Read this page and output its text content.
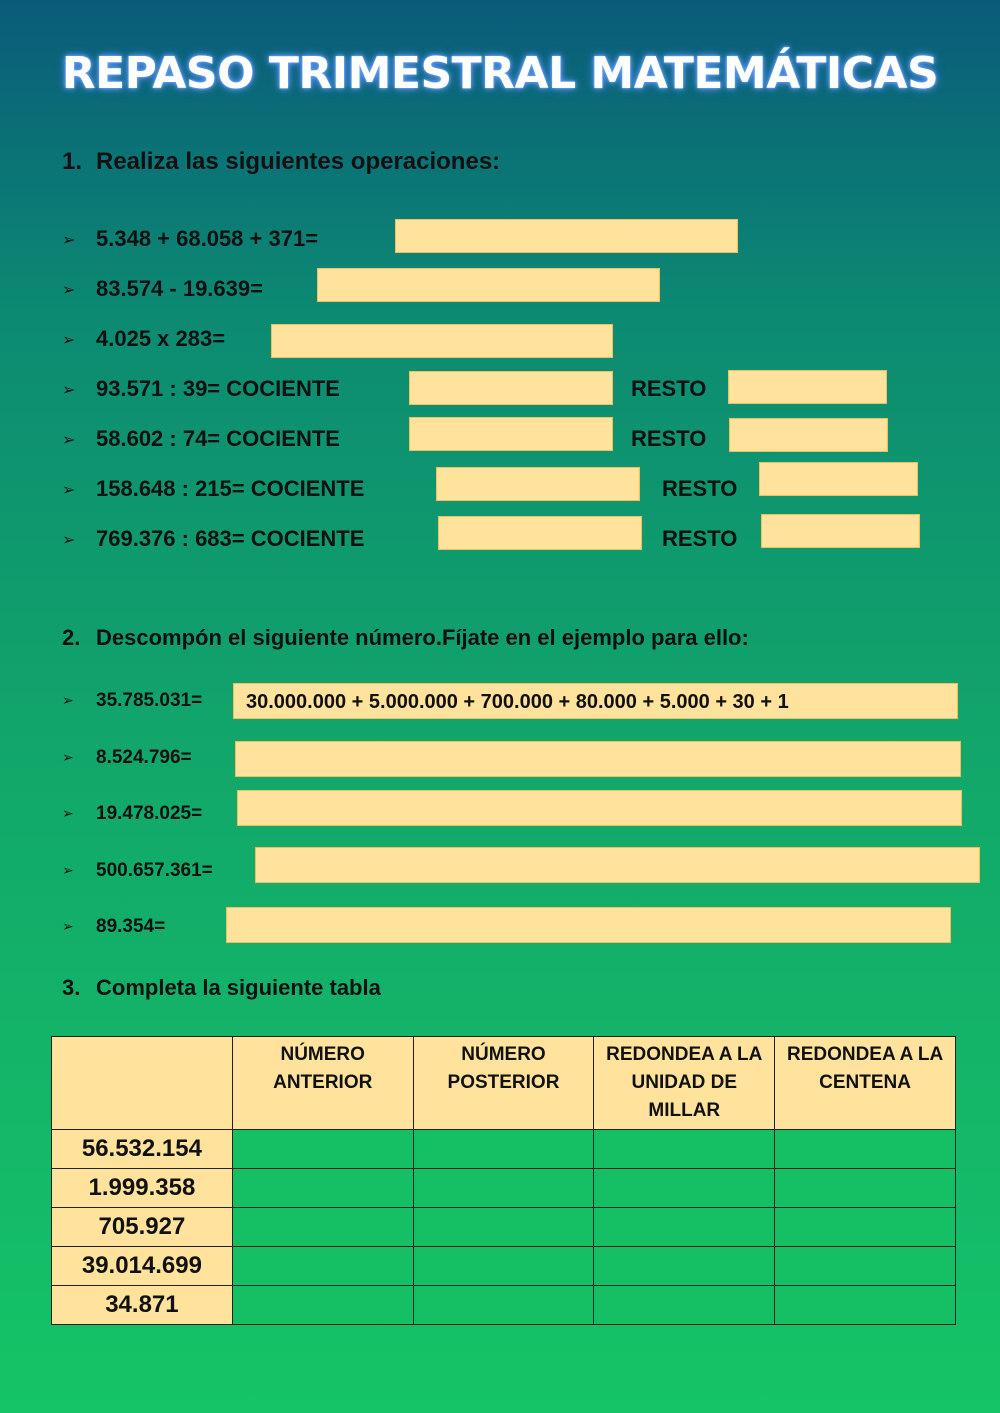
REPASO TRIMESTRAL MATEMÁTICAS
1. Realiza las siguientes operaciones:
➢ 5.348 + 68.058 + 371=
➢ 83.574 - 19.639=
➢ 4.025 x 283=
➢ 93.571 : 39= COCIENTE	RESTO
➢ 58.602 : 74= COCIENTE	RESTO
➢ 158.648 : 215= COCIENTE	RESTO
➢ 769.376 : 683= COCIENTE	RESTO
2. Descompón el siguiente número.Fíjate en el ejemplo para ello:
➢ 35.785.031=	30.000.000 + 5.000.000 + 700.000 + 80.000 + 5.000 + 30 + 1
➢ 8.524.796=
➢ 19.478.025=
➢ 500.657.361=
➢ 89.354=
3. Completa la siguiente tabla
	NÚMERO ANTERIOR	NÚMERO POSTERIOR	REDONDEA A LA UNIDAD DE MILLAR	REDONDEA A LA CENTENA
56.532.154				
1.999.358				
705.927				
39.014.699				
34.871				
